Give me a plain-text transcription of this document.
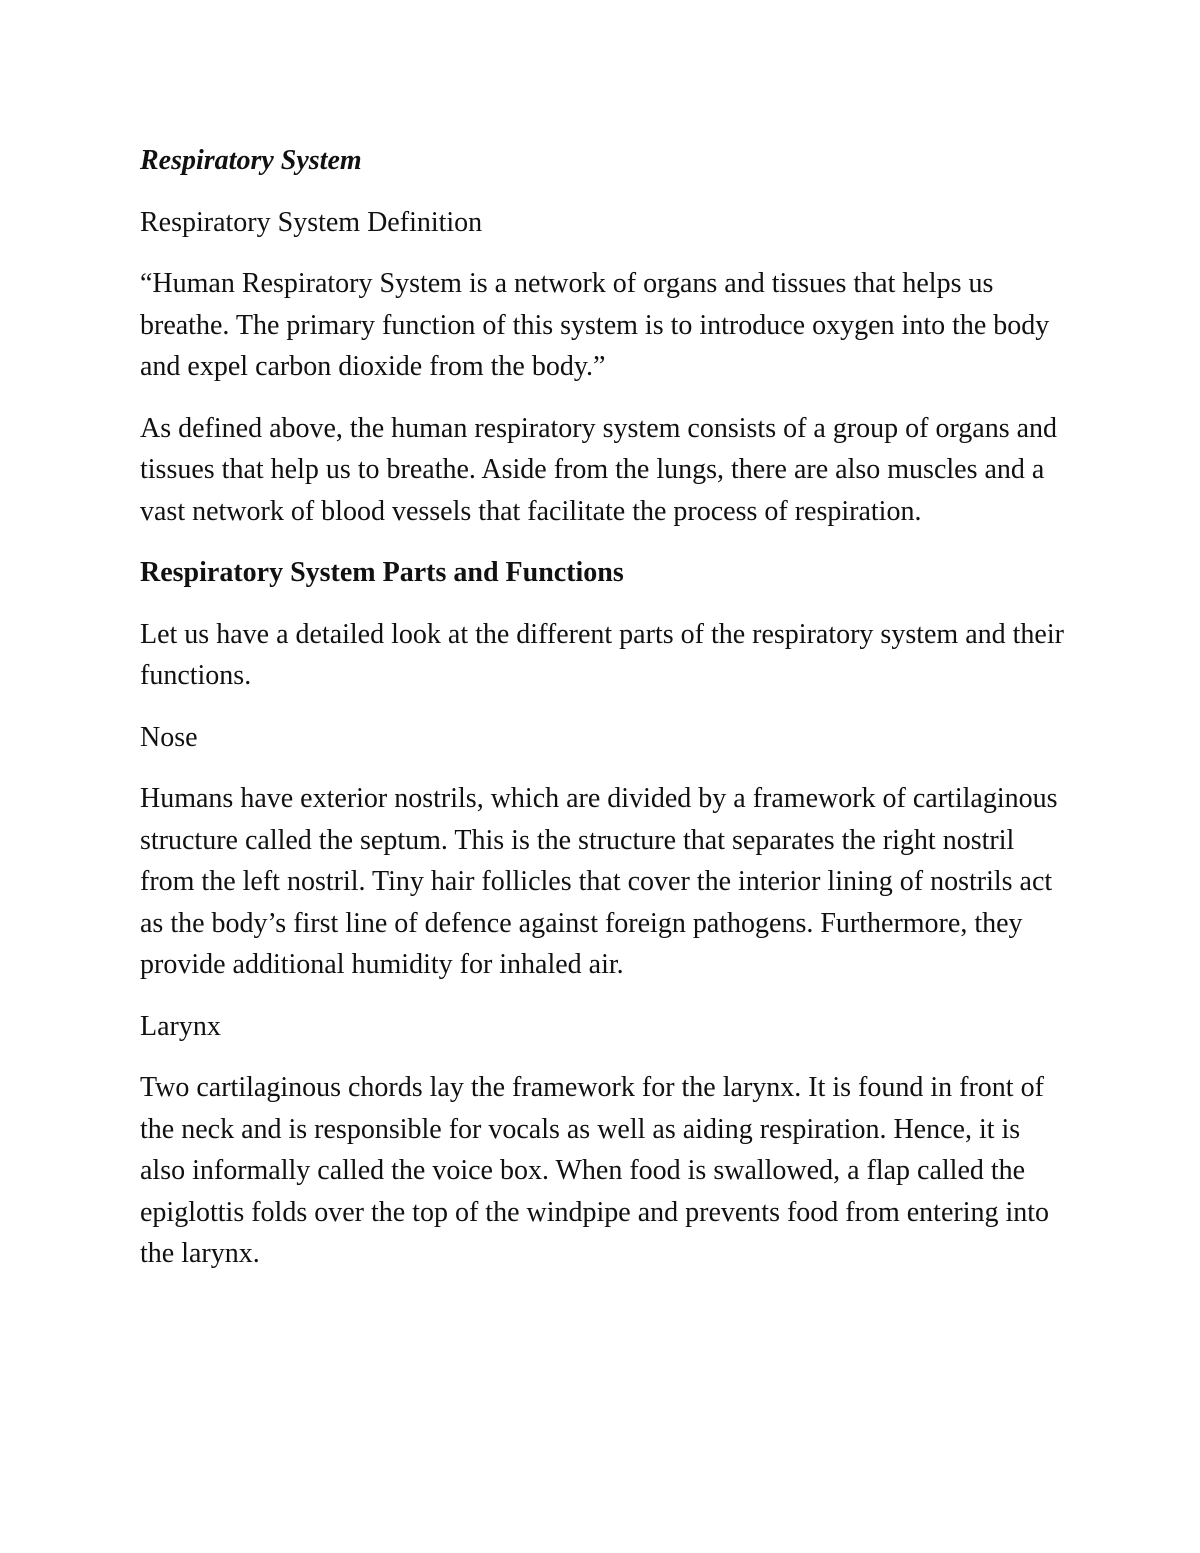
Respiratory System

Respiratory System Definition

“Human Respiratory System is a network of organs and tissues that helps us breathe. The primary function of this system is to introduce oxygen into the body and expel carbon dioxide from the body.”

As defined above, the human respiratory system consists of a group of organs and tissues that help us to breathe. Aside from the lungs, there are also muscles and a vast network of blood vessels that facilitate the process of respiration.

Respiratory System Parts and Functions

Let us have a detailed look at the different parts of the respiratory system and their functions.

Nose

Humans have exterior nostrils, which are divided by a framework of cartilaginous structure called the septum. This is the structure that separates the right nostril from the left nostril. Tiny hair follicles that cover the interior lining of nostrils act as the body’s first line of defence against foreign pathogens. Furthermore, they provide additional humidity for inhaled air.

Larynx

Two cartilaginous chords lay the framework for the larynx. It is found in front of the neck and is responsible for vocals as well as aiding respiration. Hence, it is also informally called the voice box. When food is swallowed, a flap called the epiglottis folds over the top of the windpipe and prevents food from entering into the larynx.
